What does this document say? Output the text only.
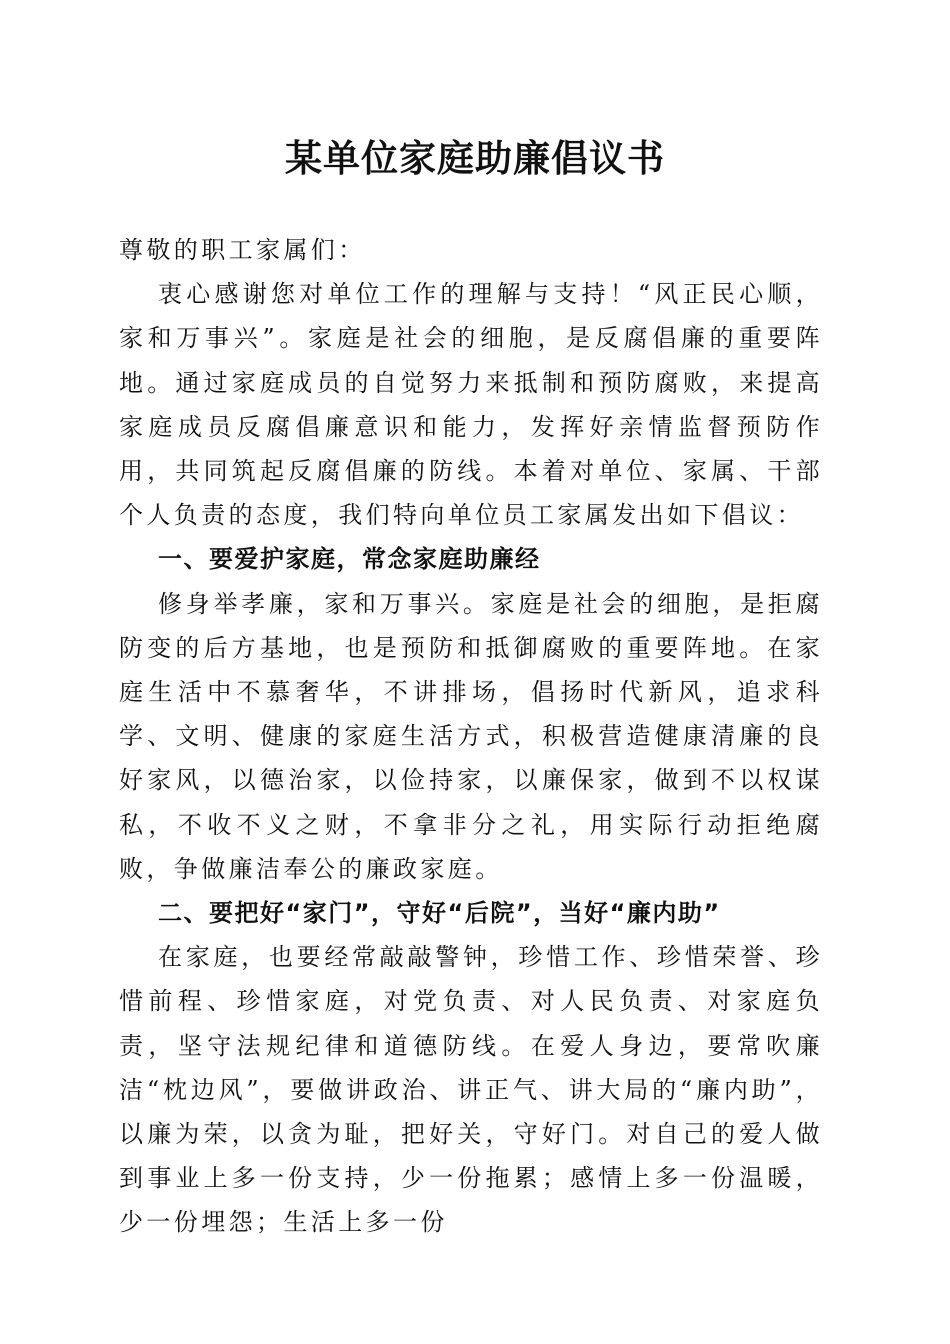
某单位家庭助廉倡议书

尊敬的职工家属们：

衷心感谢您对单位工作的理解与支持！“风正民心顺，家和万事兴”。家庭是社会的细胞，是反腐倡廉的重要阵地。通过家庭成员的自觉努力来抵制和预防腐败，来提高家庭成员反腐倡廉意识和能力，发挥好亲情监督预防作用，共同筑起反腐倡廉的防线。本着对单位、家属、干部个人负责的态度，我们特向单位员工家属发出如下倡议：

一、要爱护家庭，常念家庭助廉经

修身举孝廉，家和万事兴。家庭是社会的细胞，是拒腐防变的后方基地，也是预防和抵御腐败的重要阵地。在家庭生活中不慕奢华，不讲排场，倡扬时代新风，追求科学、文明、健康的家庭生活方式，积极营造健康清廉的良好家风，以德治家，以俭持家，以廉保家，做到不以权谋私，不收不义之财，不拿非分之礼，用实际行动拒绝腐败，争做廉洁奉公的廉政家庭。

二、要把好“家门”，守好“后院”，当好“廉内助”

在家庭，也要经常敲敲警钟，珍惜工作、珍惜荣誉、珍惜前程、珍惜家庭，对党负责、对人民负责、对家庭负责，坚守法规纪律和道德防线。在爱人身边，要常吹廉洁“枕边风”，要做讲政治、讲正气、讲大局的“廉内助”，以廉为荣，以贪为耻，把好关，守好门。对自己的爱人做到事业上多一份支持，少一份拖累；感情上多一份温暖，少一份埋怨；生活上多一份
